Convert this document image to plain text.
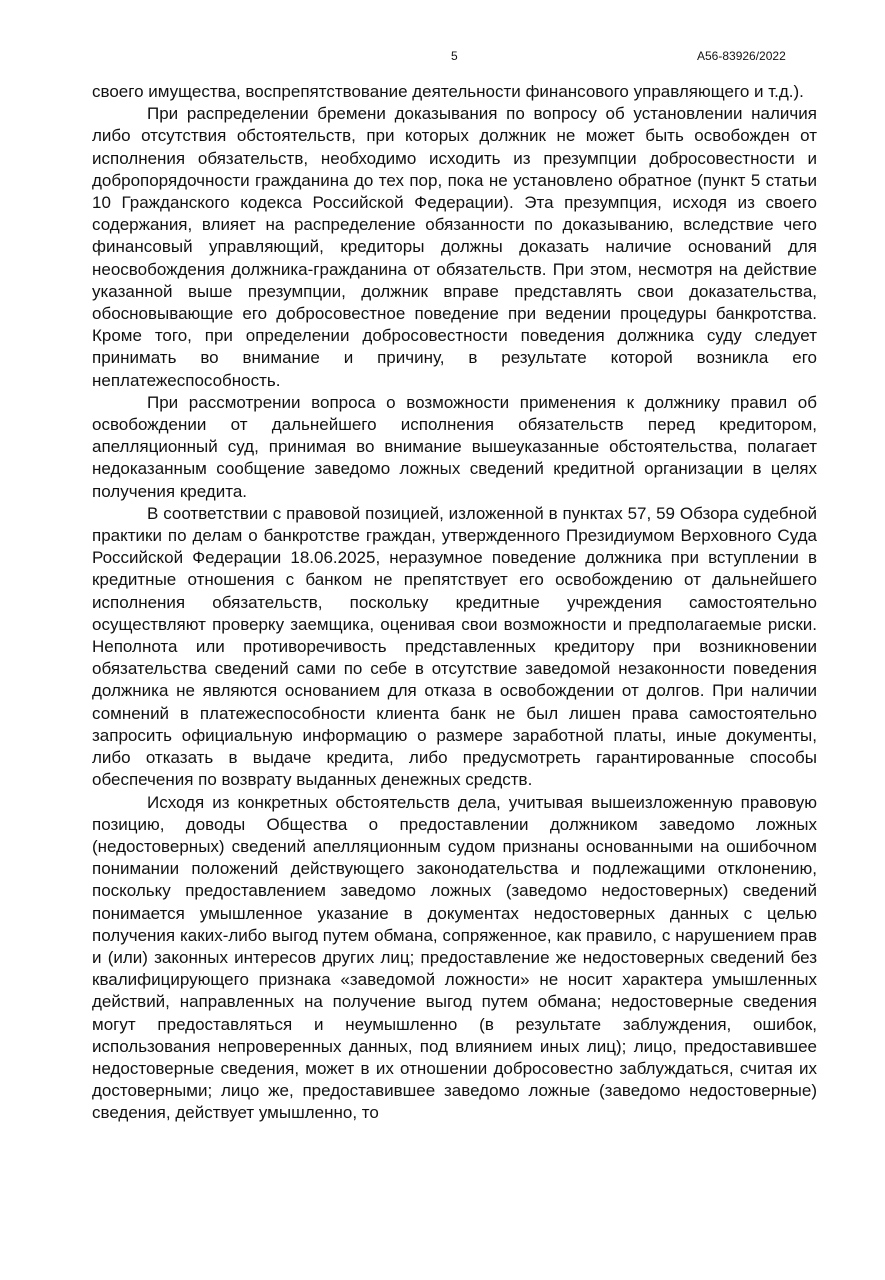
5	А56-83926/2022

своего имущества, воспрепятствование деятельности финансового управляющего и т.д.).

При распределении бремени доказывания по вопросу об установлении наличия либо отсутствия обстоятельств, при которых должник не может быть освобожден от исполнения обязательств, необходимо исходить из презумпции добросовестности и добропорядочности гражданина до тех пор, пока не установлено обратное (пункт 5 статьи 10 Гражданского кодекса Российской Федерации). Эта презумпция, исходя из своего содержания, влияет на распределение обязанности по доказыванию, вследствие чего финансовый управляющий, кредиторы должны доказать наличие оснований для неосвобождения должника-гражданина от обязательств. При этом, несмотря на действие указанной выше презумпции, должник вправе представлять свои доказательства, обосновывающие его добросовестное поведение при ведении процедуры банкротства. Кроме того, при определении добросовестности поведения должника суду следует принимать во внимание и причину, в результате которой возникла его неплатежеспособность.

При рассмотрении вопроса о возможности применения к должнику правил об освобождении от дальнейшего исполнения обязательств перед кредитором, апелляционный суд, принимая во внимание вышеуказанные обстоятельства, полагает недоказанным сообщение заведомо ложных сведений кредитной организации в целях получения кредита.

В соответствии с правовой позицией, изложенной в пунктах 57, 59 Обзора судебной практики по делам о банкротстве граждан, утвержденного Президиумом Верховного Суда Российской Федерации 18.06.2025, неразумное поведение должника при вступлении в кредитные отношения с банком не препятствует его освобождению от дальнейшего исполнения обязательств, поскольку кредитные учреждения самостоятельно осуществляют проверку заемщика, оценивая свои возможности и предполагаемые риски. Неполнота или противоречивость представленных кредитору при возникновении обязательства сведений сами по себе в отсутствие заведомой незаконности поведения должника не являются основанием для отказа в освобождении от долгов. При наличии сомнений в платежеспособности клиента банк не был лишен права самостоятельно запросить официальную информацию о размере заработной платы, иные документы, либо отказать в выдаче кредита, либо предусмотреть гарантированные способы обеспечения по возврату выданных денежных средств.

Исходя из конкретных обстоятельств дела, учитывая вышеизложенную правовую позицию, доводы Общества о предоставлении должником заведомо ложных (недостоверных) сведений апелляционным судом признаны основанными на ошибочном понимании положений действующего законодательства и подлежащими отклонению, поскольку предоставлением заведомо ложных (заведомо недостоверных) сведений понимается умышленное указание в документах недостоверных данных с целью получения каких-либо выгод путем обмана, сопряженное, как правило, с нарушением прав и (или) законных интересов других лиц; предоставление же недостоверных сведений без квалифицирующего признака «заведомой ложности» не носит характера умышленных действий, направленных на получение выгод путем обмана; недостоверные сведения могут предоставляться и неумышленно (в результате заблуждения, ошибок, использования непроверенных данных, под влиянием иных лиц); лицо, предоставившее недостоверные сведения, может в их отношении добросовестно заблуждаться, считая их достоверными; лицо же, предоставившее заведомо ложные (заведомо недостоверные) сведения, действует умышленно, то
